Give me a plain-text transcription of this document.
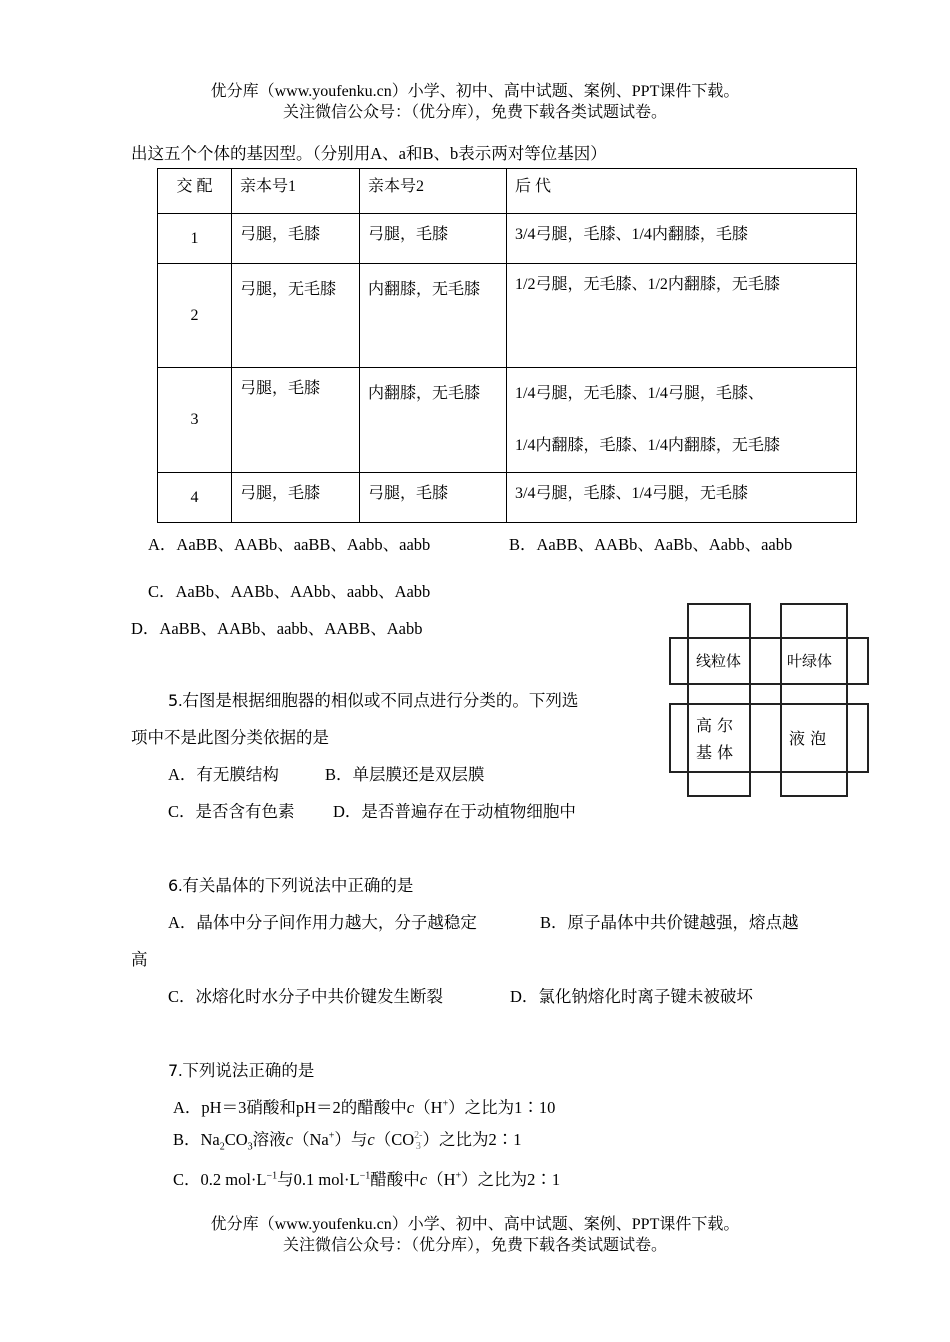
优分库（www.youfenku.cn）小学、初中、高中试题、案例、PPT课件下载。
关注微信公众号：（优分库），免费下载各类试题试卷。
出这五个个体的基因型。（分别用A、a和B、b表示两对等位基因）
交 配	亲本号1	亲本号2	后 代
1	弓腿，毛膝	弓腿，毛膝	3/4弓腿，毛膝、1/4内翻膝，毛膝
2	弓腿，无毛膝	内翻膝，无毛膝	1/2弓腿，无毛膝、1/2内翻膝，无毛膝
3	弓腿，毛膝	内翻膝，无毛膝	1/4弓腿，无毛膝、1/4弓腿，毛膝、
1/4内翻膝，毛膝、1/4内翻膝，无毛膝

4	弓腿，毛膝	弓腿，毛膝	3/4弓腿，毛膝、1/4弓腿，无毛膝
A．AaBB、AABb、aaBB、Aabb、aabb	B．AaBB、AABb、AaBb、Aabb、aabb
C．AaBb、AABb、AAbb、aabb、Aabb
D．AaBB、AABb、aabb、AABB、Aabb
线粒体	叶绿体
高 尔
基 体
液 泡
5.右图是根据细胞器的相似或不同点进行分类的。下列选
项中不是此图分类依据的是
A．有无膜结构	B．单层膜还是双层膜
C．是否含有色素 D．是否普遍存在于动植物细胞中
6.有关晶体的下列说法中正确的是
A．晶体中分子间作用力越大，分子越稳定	B．原子晶体中共价键越强，熔点越
高
C．冰熔化时水分子中共价键发生断裂	D．氯化钠熔化时离子键未被破坏
7.下列说法正确的是
A．pH＝3硝酸和pH＝2的醋酸中c（H+）之比为1∶10
B．$Na_2CO_3$溶液c（Na+）与c（CO 2-
3 ）之比为2∶1
C．0.2 $mol\cdot L^{-1}$与0.1 $mol\cdot L^{-1}$醋酸中c（H+）之比为2∶1
优分库（www.youfenku.cn）小学、初中、高中试题、案例、PPT课件下载。
关注微信公众号：（优分库），免费下载各类试题试卷。
